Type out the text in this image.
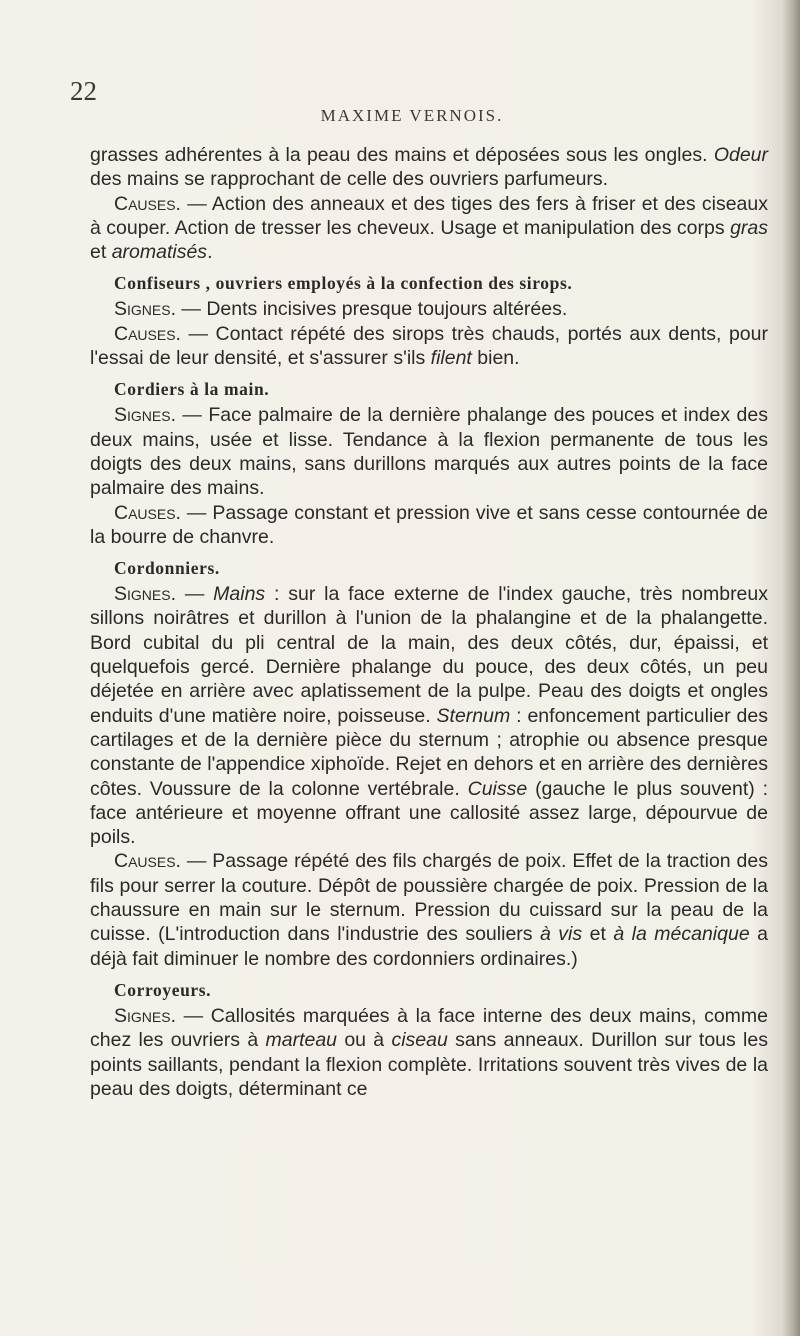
22

MAXIME VERNOIS.

grasses adhérentes à la peau des mains et déposées sous les ongles. Odeur des mains se rapprochant de celle des ouvriers parfumeurs.

Causes. — Action des anneaux et des tiges des fers à friser et des ciseaux à couper. Action de tresser les cheveux. Usage et manipulation des corps gras et aromatisés.

Confiseurs , ouvriers employés à la confection des sirops.

Signes. — Dents incisives presque toujours altérées.

Causes. — Contact répété des sirops très chauds, portés aux dents, pour l'essai de leur densité, et s'assurer s'ils filent bien.

Cordiers à la main.

Signes. — Face palmaire de la dernière phalange des pouces et index des deux mains, usée et lisse. Tendance à la flexion permanente de tous les doigts des deux mains, sans durillons marqués aux autres points de la face palmaire des mains.

Causes. — Passage constant et pression vive et sans cesse contournée de la bourre de chanvre.

Cordonniers.

Signes. — Mains : sur la face externe de l'index gauche, très nombreux sillons noirâtres et durillon à l'union de la phalangine et de la phalangette. Bord cubital du pli central de la main, des deux côtés, dur, épaissi, et quelquefois gercé. Dernière phalange du pouce, des deux côtés, un peu déjetée en arrière avec aplatissement de la pulpe. Peau des doigts et ongles enduits d'une matière noire, poisseuse. Sternum : enfoncement particulier des cartilages et de la dernière pièce du sternum ; atrophie ou absence presque constante de l'appendice xiphoïde. Rejet en dehors et en arrière des dernières côtes. Voussure de la colonne vertébrale. Cuisse (gauche le plus souvent) : face antérieure et moyenne offrant une callosité assez large, dépourvue de poils.

Causes. — Passage répété des fils chargés de poix. Effet de la traction des fils pour serrer la couture. Dépôt de poussière chargée de poix. Pression de la chaussure en main sur le sternum. Pression du cuissard sur la peau de la cuisse. (L'introduction dans l'industrie des souliers à vis et à la mécanique a déjà fait diminuer le nombre des cordonniers ordinaires.)

Corroyeurs.

Signes. — Callosités marquées à la face interne des deux mains, comme chez les ouvriers à marteau ou à ciseau sans anneaux. Durillon sur tous les points saillants, pendant la flexion complète. Irritations souvent très vives de la peau des doigts, déterminant ce
